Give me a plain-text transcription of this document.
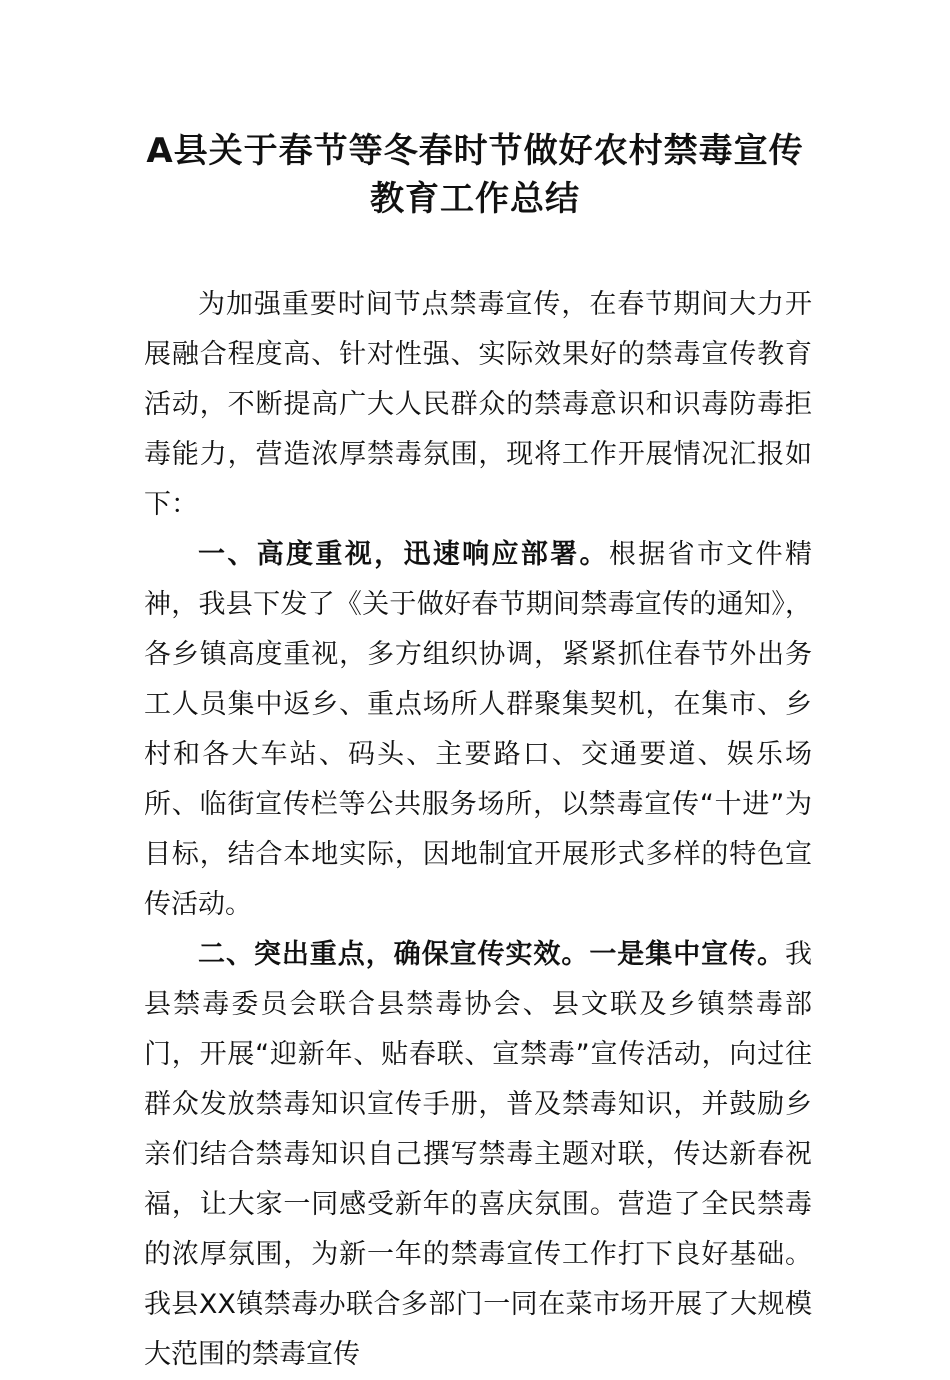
A县关于春节等冬春时节做好农村禁毒宣传
教育工作总结

为加强重要时间节点禁毒宣传，在春节期间大力开展融合程度高、针对性强、实际效果好的禁毒宣传教育活动，不断提高广大人民群众的禁毒意识和识毒防毒拒毒能力，营造浓厚禁毒氛围，现将工作开展情况汇报如下：

一、高度重视，迅速响应部署。根据省市文件精神，我县下发了《关于做好春节期间禁毒宣传的通知》，各乡镇高度重视，多方组织协调，紧紧抓住春节外出务工人员集中返乡、重点场所人群聚集契机，在集市、乡村和各大车站、码头、主要路口、交通要道、娱乐场所、临街宣传栏等公共服务场所，以禁毒宣传“十进”为目标，结合本地实际，因地制宜开展形式多样的特色宣传活动。

二、突出重点，确保宣传实效。一是集中宣传。我县禁毒委员会联合县禁毒协会、县文联及乡镇禁毒部门，开展“迎新年、贴春联、宣禁毒”宣传活动，向过往群众发放禁毒知识宣传手册，普及禁毒知识，并鼓励乡亲们结合禁毒知识自己撰写禁毒主题对联，传达新春祝福，让大家一同感受新年的喜庆氛围。营造了全民禁毒的浓厚氛围，为新一年的禁毒宣传工作打下良好基础。我县XX镇禁毒办联合多部门一同在菜市场开展了大规模大范围的禁毒宣传
